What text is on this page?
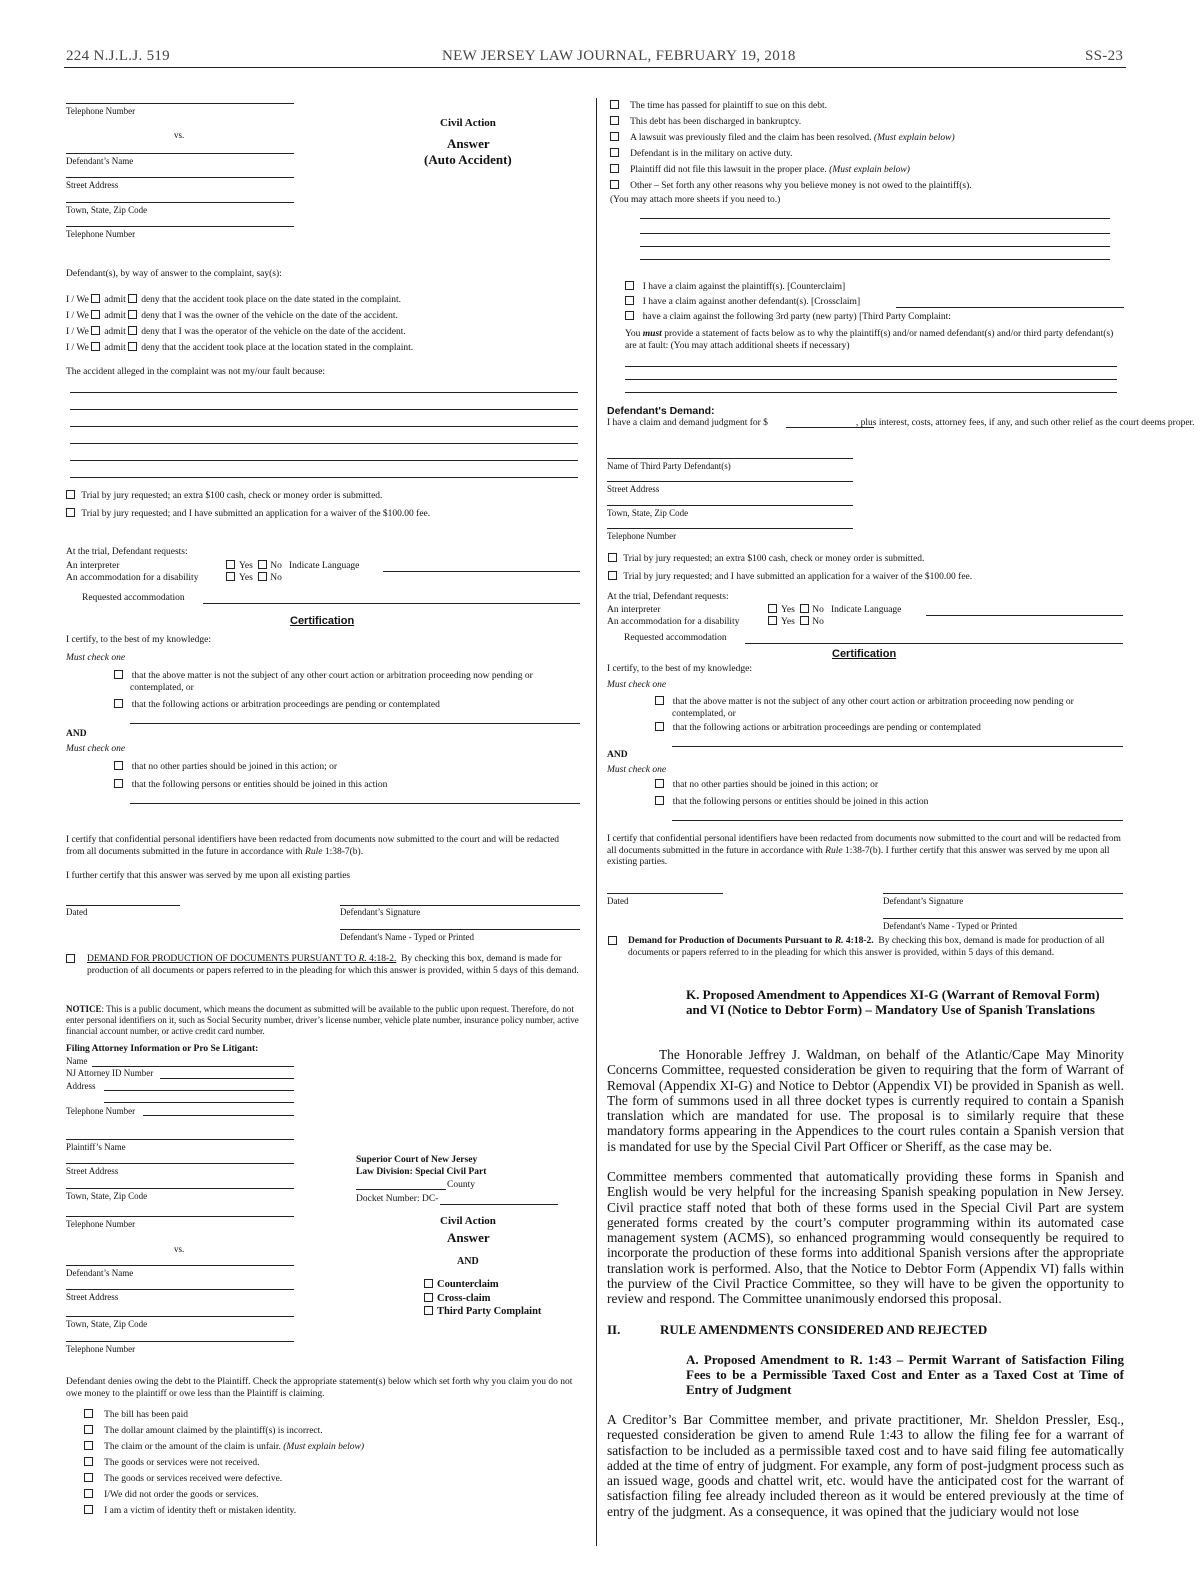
224 N.J.L.J. 519	NEW JERSEY LAW JOURNAL, FEBRUARY 19, 2018	SS-23
Telephone Number
vs.
Defendant’s Name
Street Address
Town, State, Zip Code
Telephone Number
Civil Action
Answer
(Auto Accident)
Defendant(s), by way of answer to the complaint, say(s):
I / We admit deny that the accident took place on the date stated in the complaint.
I / We admit deny that I was the owner of the vehicle on the date of the accident.
I / We admit deny that I was the operator of the vehicle on the date of the accident.
I / We admit deny that the accident took place at the location stated in the complaint.
The accident alleged in the complaint was not my/our fault because:
Trial by jury requested; an extra $100 cash, check or money order is submitted.
Trial by jury requested; and I have submitted an application for a waiver of the $100.00 fee.
At the trial, Defendant requests:
An interpreter	Yes No Indicate Language
An accommodation for a disability	Yes No
Requested accommodation
Certification
I certify, to the best of my knowledge:
Must check one
that the above matter is not the subject of any other court action or arbitration proceeding now pending or
contemplated, or
that the following actions or arbitration proceedings are pending or contemplated
AND
Must check one
that no other parties should be joined in this action; or
that the following persons or entities should be joined in this action
I certify that confidential personal identifiers have been redacted from documents now submitted to the court and will be redacted from all documents submitted in the future in accordance with Rule 1:38-7(b).
I further certify that this answer was served by me upon all existing parties
Dated	Defendant’s Signature
Defendant's Name - Typed or Printed
DEMAND FOR PRODUCTION OF DOCUMENTS PURSUANT TO R. 4:18-2. By checking this box, demand is made for production of all documents or papers referred to in the pleading for which this answer is provided, within 5 days of this demand.
NOTICE: This is a public document, which means the document as submitted will be available to the public upon request. Therefore, do not enter personal identifiers on it, such as Social Security number, driver’s license number, vehicle plate number, insurance policy number, active financial account number, or active credit card number.
Filing Attorney Information or Pro Se Litigant:
Name
NJ Attorney ID Number
Address
Telephone Number
Plaintiff’s Name
Street Address
Town, State, Zip Code
Telephone Number
vs.
Defendant’s Name
Street Address
Town, State, Zip Code
Telephone Number
Superior Court of New Jersey
Law Division: Special Civil Part
County
Docket Number: DC-
Civil Action
Answer
AND
Counterclaim
Cross-claim
Third Party Complaint
Defendant denies owing the debt to the Plaintiff. Check the appropriate statement(s) below which set forth why you claim you do not owe money to the plaintiff or owe less than the Plaintiff is claiming.
The bill has been paid
The dollar amount claimed by the plaintiff(s) is incorrect.
The claim or the amount of the claim is unfair. (Must explain below)
The goods or services were not received.
The goods or services received were defective.
I/We did not order the goods or services.
I am a victim of identity theft or mistaken identity.
The time has passed for plaintiff to sue on this debt.
This debt has been discharged in bankruptcy.
A lawsuit was previously filed and the claim has been resolved. (Must explain below)
Defendant is in the military on active duty.
Plaintiff did not file this lawsuit in the proper place. (Must explain below)
Other – Set forth any other reasons why you believe money is not owed to the plaintiff(s).
(You may attach more sheets if you need to.)
I have a claim against the plaintiff(s). [Counterclaim]
I have a claim against another defendant(s). [Crossclaim]
have a claim against the following 3rd party (new party) [Third Party Complaint:
You must provide a statement of facts below as to why the plaintiff(s) and/or named defendant(s) and/or third party defendant(s) are at fault: (You may attach additional sheets if necessary)
Defendant's Demand:
I have a claim and demand judgment for $	, plus interest, costs, attorney fees, if any, and such other relief as the court deems proper.
Name of Third Party Defendant(s)
Street Address
Town, State, Zip Code
Telephone Number
Trial by jury requested; an extra $100 cash, check or money order is submitted.
Trial by jury requested; and I have submitted an application for a waiver of the $100.00 fee.
At the trial, Defendant requests:
An interpreter	Yes No Indicate Language
An accommodation for a disability	Yes No
Requested accommodation
Certification
I certify, to the best of my knowledge:
Must check one
that the above matter is not the subject of any other court action or arbitration proceeding now pending or
contemplated, or
that the following actions or arbitration proceedings are pending or contemplated
AND
Must check one
that no other parties should be joined in this action; or
that the following persons or entities should be joined in this action
I certify that confidential personal identifiers have been redacted from documents now submitted to the court and will be redacted from all documents submitted in the future in accordance with Rule 1:38-7(b). I further certify that this answer was served by me upon all existing parties.
Dated	Defendant’s Signature
Defendant's Name - Typed or Printed
Demand for Production of Documents Pursuant to R. 4:18-2. By checking this box, demand is made for production of all documents or papers referred to in the pleading for which this answer is provided, within 5 days of this demand.
K. Proposed Amendment to Appendices XI-G (Warrant of Removal Form) and VI (Notice to Debtor Form) – Mandatory Use of Spanish Translations
The Honorable Jeffrey J. Waldman, on behalf of the Atlantic/Cape May Minority Concerns Committee, requested consideration be given to requiring that the form of Warrant of Removal (Appendix XI-G) and Notice to Debtor (Appendix VI) be provided in Spanish as well. The form of summons used in all three docket types is currently required to contain a Spanish translation which are mandated for use. The proposal is to similarly require that these mandatory forms appearing in the Appendices to the court rules contain a Spanish version that is mandated for use by the Special Civil Part Officer or Sheriff, as the case may be.
Committee members commented that automatically providing these forms in Spanish and English would be very helpful for the increasing Spanish speaking population in New Jersey. Civil practice staff noted that both of these forms used in the Special Civil Part are system generated forms created by the court’s computer programming within its automated case management system (ACMS), so enhanced programming would consequently be required to incorporate the production of these forms into additional Spanish versions after the appropriate translation work is performed. Also, that the Notice to Debtor Form (Appendix VI) falls within the purview of the Civil Practice Committee, so they will have to be given the opportunity to review and respond. The Committee unanimously endorsed this proposal.
II.	RULE AMENDMENTS CONSIDERED AND REJECTED
A. Proposed Amendment to R. 1:43 – Permit Warrant of Satisfaction Filing Fees to be a Permissible Taxed Cost and Enter as a Taxed Cost at Time of Entry of Judgment
A Creditor’s Bar Committee member, and private practitioner, Mr. Sheldon Pressler, Esq., requested consideration be given to amend Rule 1:43 to allow the filing fee for a warrant of satisfaction to be included as a permissible taxed cost and to have said filing fee automatically added at the time of entry of judgment. For example, any form of post-judgment process such as an issued wage, goods and chattel writ, etc. would have the anticipated cost for the warrant of satisfaction filing fee already included thereon as it would be entered previously at the time of entry of the judgment. As a consequence, it was opined that the judiciary would not lose
